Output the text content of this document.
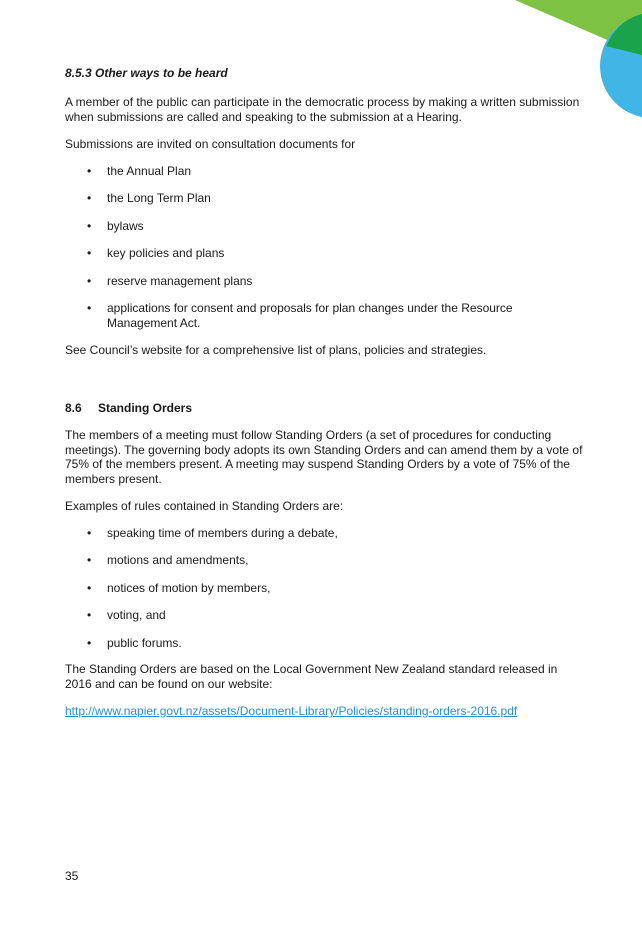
8.5.3 Other ways to be heard

A member of the public can participate in the democratic process by making a written submission when submissions are called and speaking to the submission at a Hearing.

Submissions are invited on consultation documents for

• the Annual Plan
• the Long Term Plan
• bylaws
• key policies and plans
• reserve management plans
• applications for consent and proposals for plan changes under the Resource Management Act.

See Council’s website for a comprehensive list of plans, policies and strategies.

8.6 Standing Orders

The members of a meeting must follow Standing Orders (a set of procedures for conducting meetings). The governing body adopts its own Standing Orders and can amend them by a vote of 75% of the members present. A meeting may suspend Standing Orders by a vote of 75% of the members present.

Examples of rules contained in Standing Orders are:

• speaking time of members during a debate,
• motions and amendments,
• notices of motion by members,
• voting, and
• public forums.

The Standing Orders are based on the Local Government New Zealand standard released in 2016 and can be found on our website:

http://www.napier.govt.nz/assets/Document-Library/Policies/standing-orders-2016.pdf
35
